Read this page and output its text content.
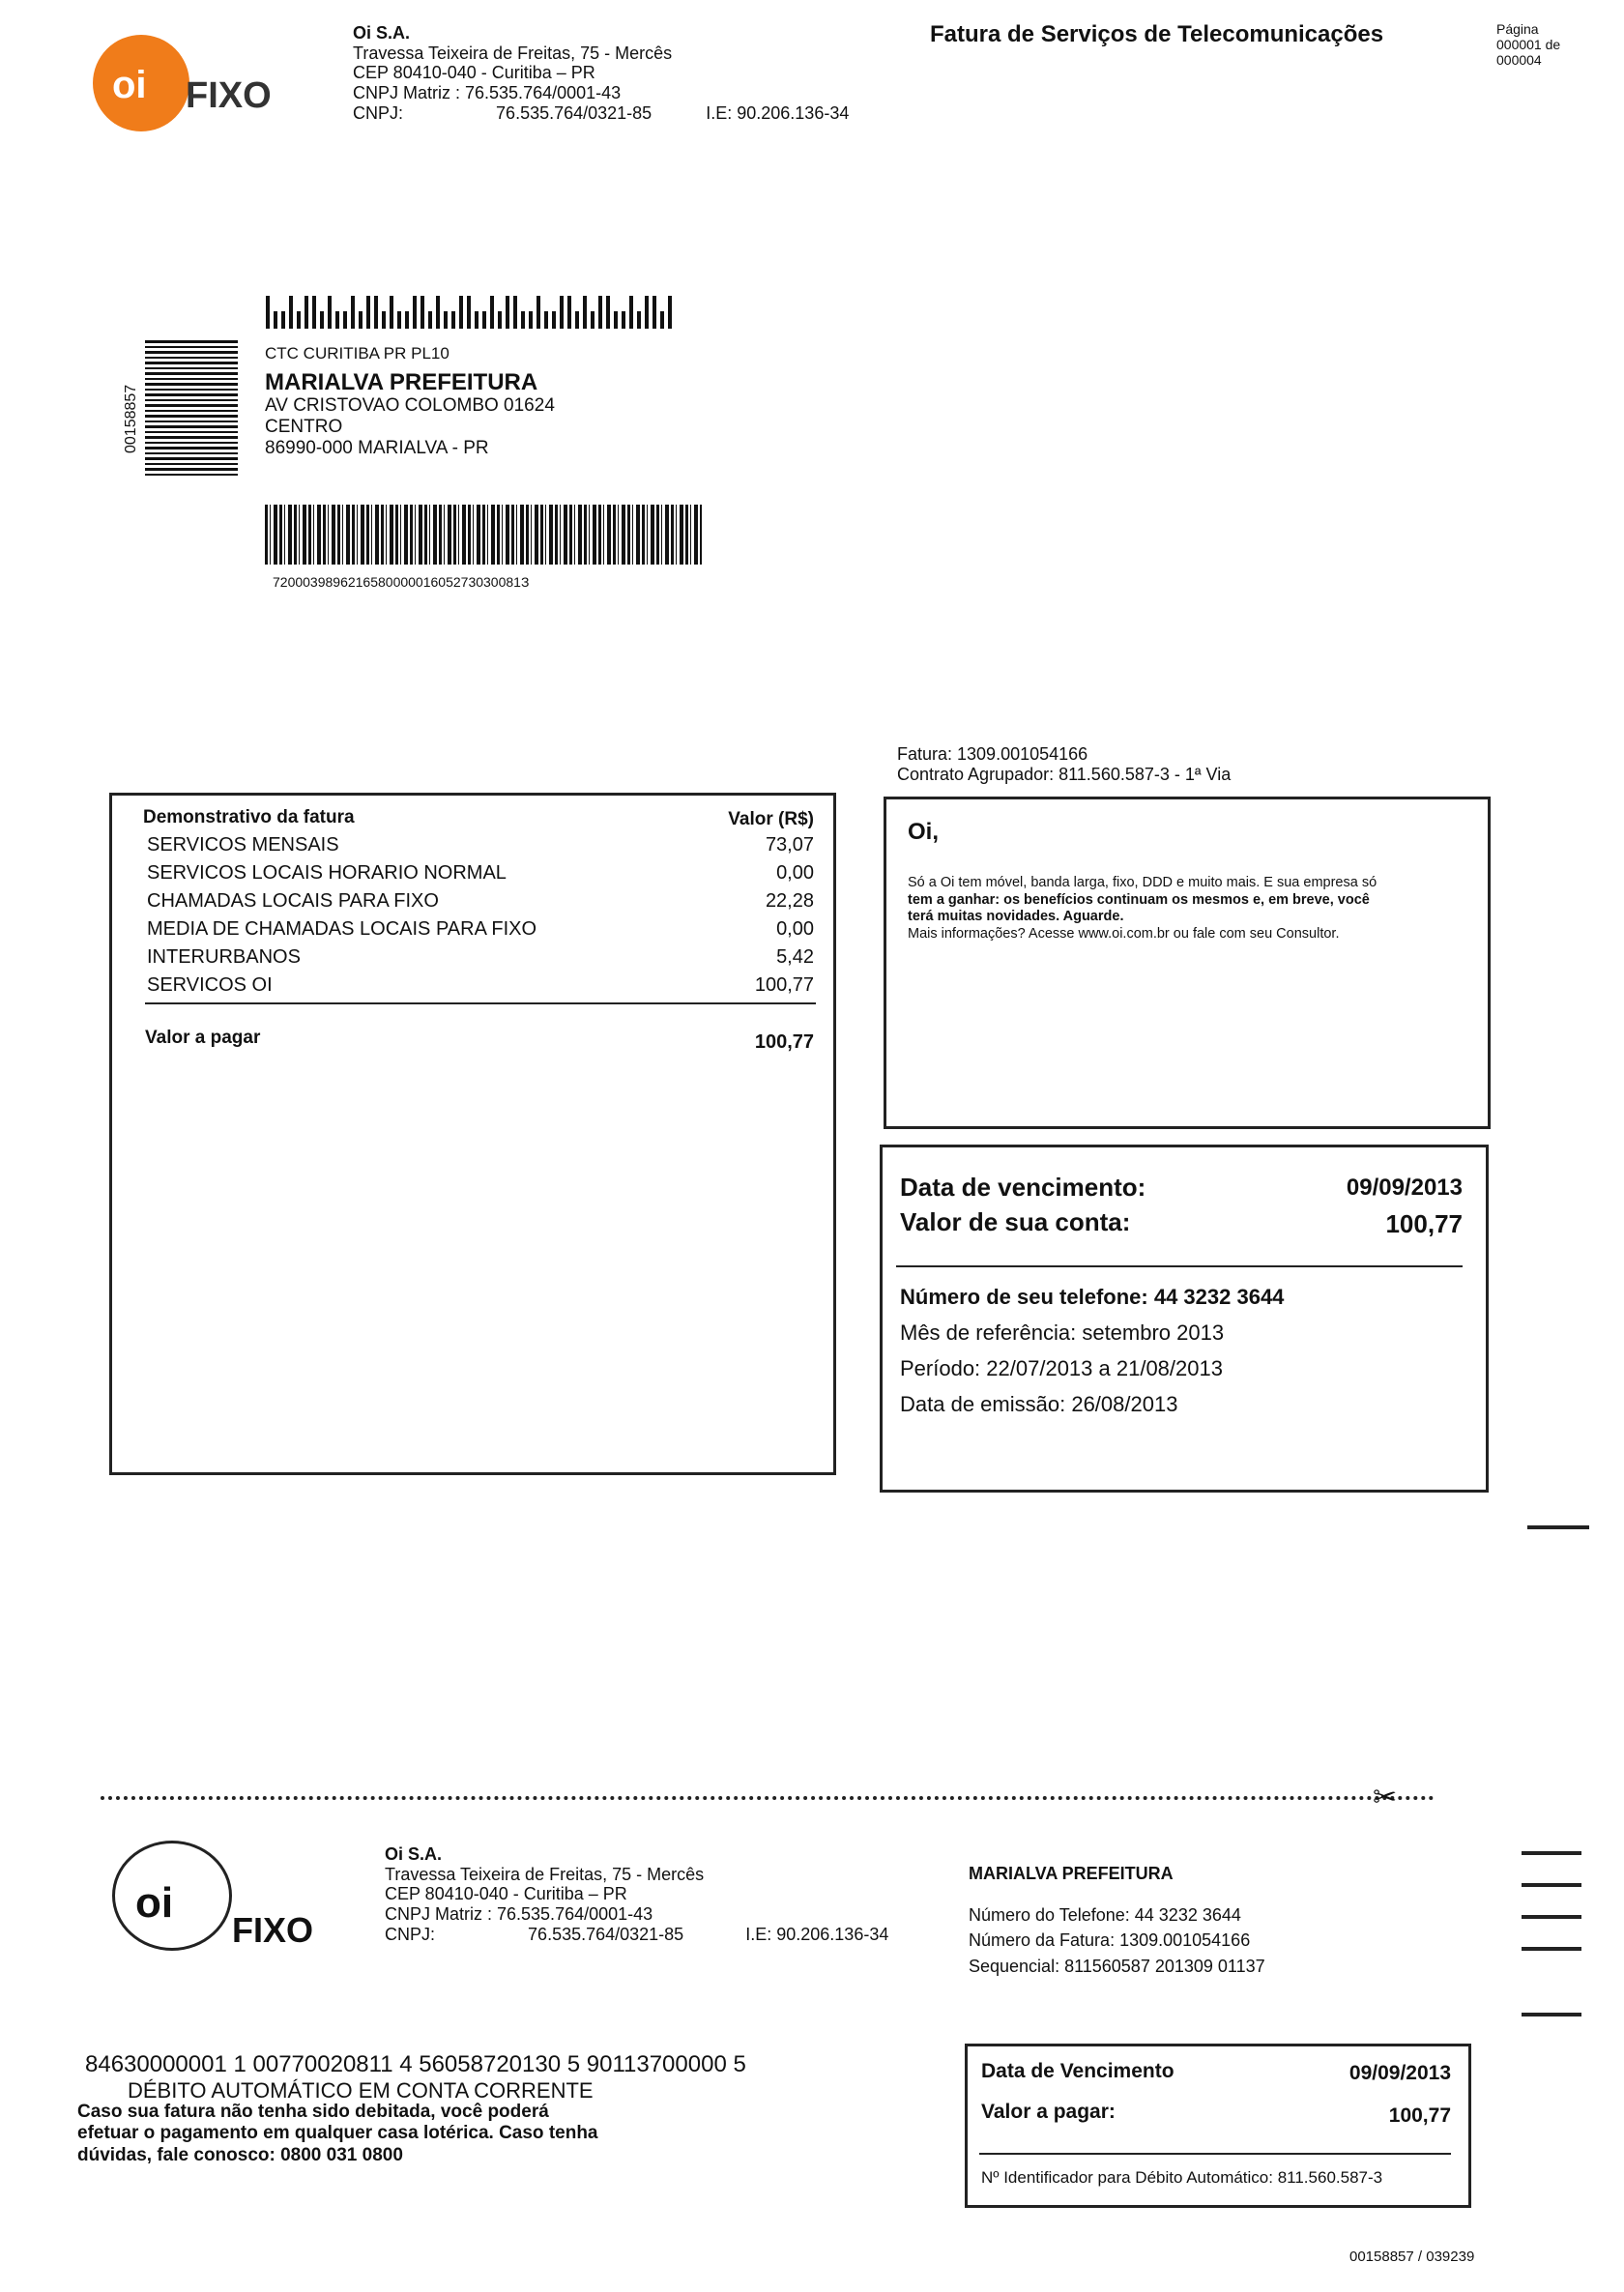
oi FIXO
Oi S.A.
Travessa Teixeira de Freitas, 75 - Mercês
CEP 80410-040 - Curitiba – PR
CNPJ Matriz : 76.535.764/0001-43
CNPJ:	76.535.764/0321-85	I.E: 90.206.136-34
Fatura de Serviços de Telecomunicações	Página
000001 de
000004
00158857
CTC CURITIBA PR PL10
MARIALVA PREFEITURA
AV CRISTOVAO COLOMBO 01624
CENTRO
86990-000 MARIALVA - PR
720003989621658000001605273030081З
Fatura: 1309.001054166
Contrato Agrupador: 811.560.587-3 - 1ª Via
Demonstrativo da fatura	Valor (R$)
SERVICOS MENSAIS	73,07
SERVICOS LOCAIS HORARIO NORMAL	0,00
CHAMADAS LOCAIS PARA FIXO	22,28
MEDIA DE CHAMADAS LOCAIS PARA FIXO	0,00
INTERURBANOS	5,42
SERVICOS OI	100,77
Valor a pagar	100,77
Oi,
Só a Oi tem móvel, banda larga, fixo, DDD e muito mais. E sua empresa só
tem a ganhar: os benefícios continuam os mesmos e, em breve, você
terá muitas novidades. Aguarde.
Mais informações? Acesse www.oi.com.br ou fale com seu Consultor.
Data de vencimento:	09/09/2013
Valor de sua conta:	100,77
Número de seu telefone: 44 3232 3644
Mês de referência: setembro 2013
Período: 22/07/2013 a 21/08/2013
Data de emissão: 26/08/2013
✂
oi
FIXO
Oi S.A.
Travessa Teixeira de Freitas, 75 - Mercês
CEP 80410-040 - Curitiba – PR
CNPJ Matriz : 76.535.764/0001-43
CNPJ:	76.535.764/0321-85	I.E: 90.206.136-34
MARIALVA PREFEITURA
Número do Telefone: 44 3232 3644
Número da Fatura: 1309.001054166
Sequencial: 811560587 201309 01137
84630000001 1 00770020811 4 56058720130 5 90113700000 5
DÉBITO AUTOMÁTICO EM CONTA CORRENTE
Caso sua fatura não tenha sido debitada, você poderá
efetuar o pagamento em qualquer casa lotérica. Caso tenha
dúvidas, fale conosco: 0800 031 0800
Data de Vencimento	09/09/2013
Valor a pagar:	100,77
Nº Identificador para Débito Automático: 811.560.587-3
00158857 / 039239
